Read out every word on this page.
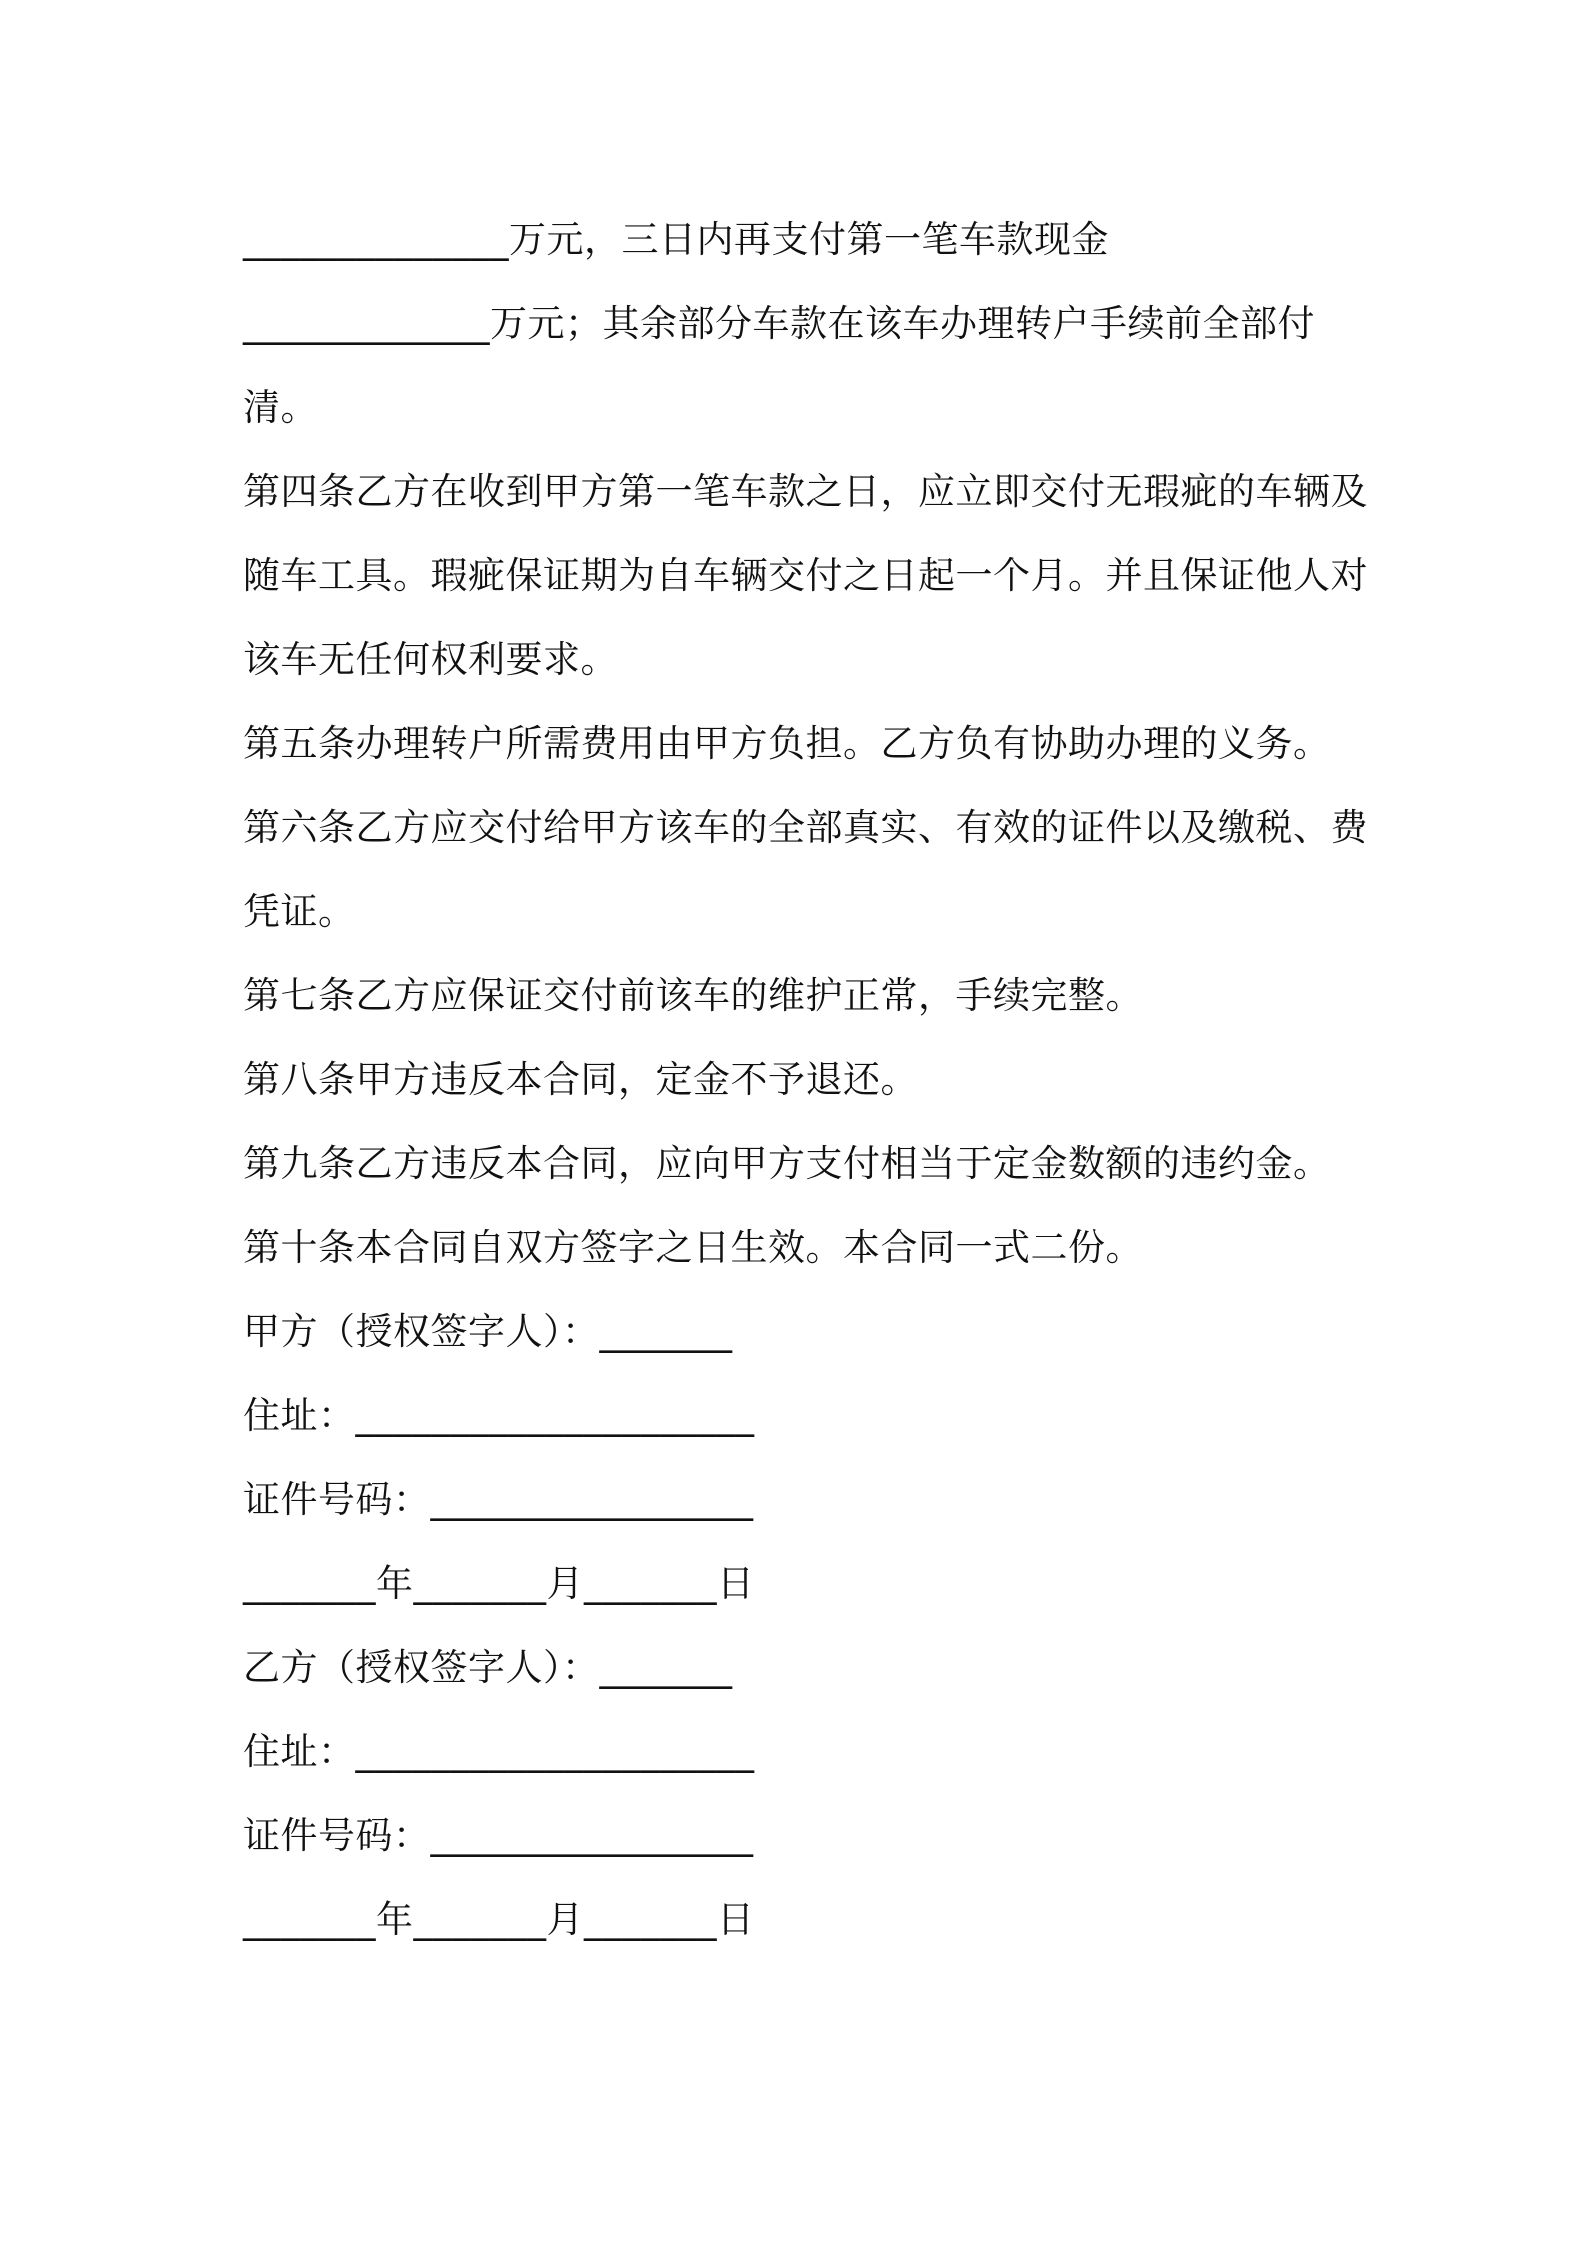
______________万元，三日内再支付第一笔车款现金

_____________万元；其余部分车款在该车办理转户手续前全部付

清。

第四条乙方在收到甲方第一笔车款之日，应立即交付无瑕疵的车辆及

随车工具。瑕疵保证期为自车辆交付之日起一个月。并且保证他人对

该车无任何权利要求。

第五条办理转户所需费用由甲方负担。乙方负有协助办理的义务。

第六条乙方应交付给甲方该车的全部真实、有效的证件以及缴税、费

凭证。

第七条乙方应保证交付前该车的维护正常，手续完整。

第八条甲方违反本合同，定金不予退还。

第九条乙方违反本合同，应向甲方支付相当于定金数额的违约金。

第十条本合同自双方签字之日生效。本合同一式二份。

甲方（授权签字人）：_______

住址：_____________________

证件号码：_________________

_______年_______月_______日

乙方（授权签字人）：_______

住址：_____________________

证件号码：_________________

_______年_______月_______日
